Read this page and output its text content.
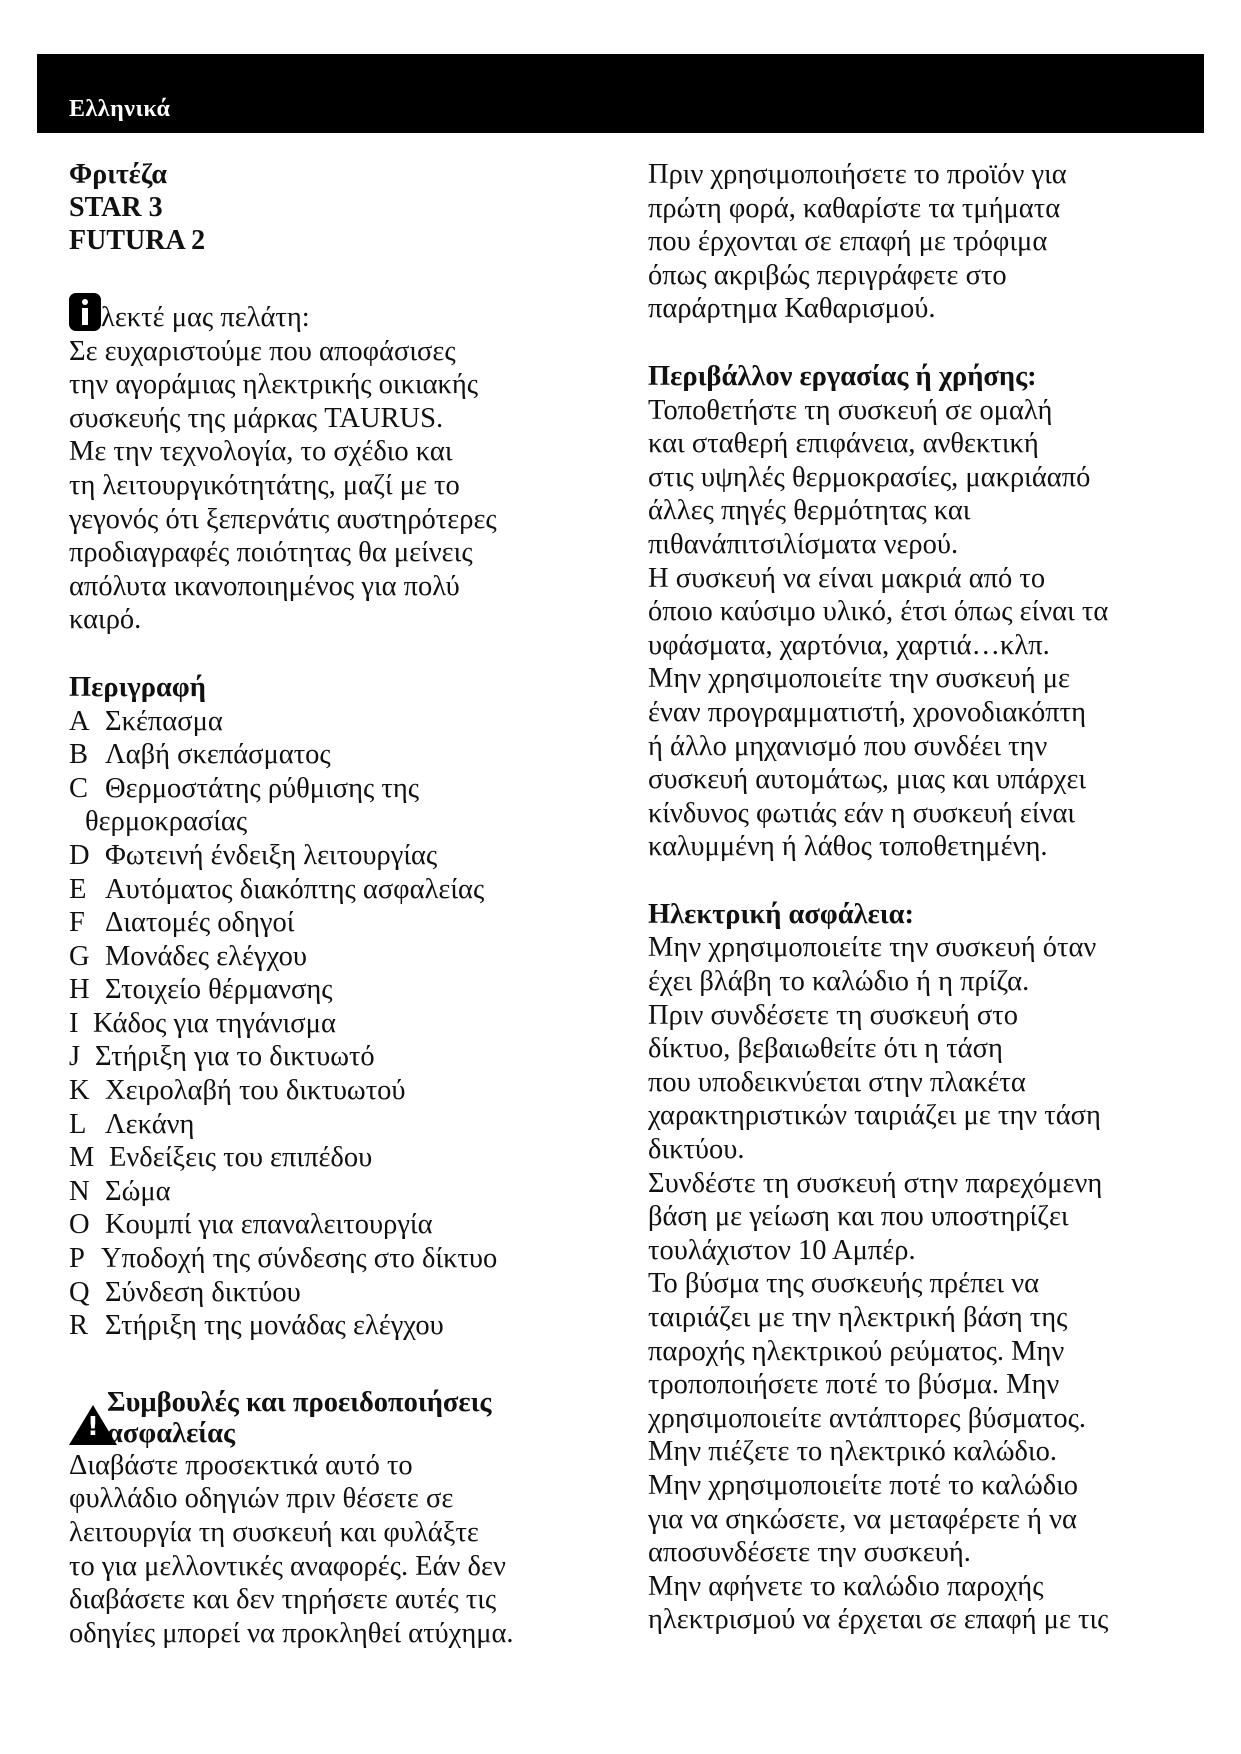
Ελληνικά
Φριτέζα
STAR 3
FUTURA 2
λεκτέ μας πελάτη:
Σε ευχαριστούμε που αποφάσισες
την αγοράμιας ηλεκτρικής οικιακής
συσκευής της μάρκας TAURUS.
Με την τεχνολογία, το σχέδιο και
τη λειτουργικότητάτης, μαζί με το
γεγονός ότι ξεπερνάτις αυστηρότερες
προδιαγραφές ποιότητας θα μείνεις
απόλυτα ικανοποιημένος για πολύ
καιρό.
Περιγραφή
A Σκέπασμα
B Λαβή σκεπάσματος
C Θερμοστάτης ρύθμισης της
θερμοκρασίας
D Φωτεινή ένδειξη λειτουργίας
E Αυτόματος διακόπτης ασφαλείας
F Διατομές οδηγοί
G Μονάδες ελέγχου
H Στοιχείο θέρμανσης
I Κάδος για τηγάνισμα
J Στήριξη για το δικτυωτό
K Χειρολαβή του δικτυωτού
L Λεκάνη
M Ενδείξεις του επιπέδου
N Σώμα
O Κουμπί για επαναλειτουργία
P Υποδοχή της σύνδεσης στο δίκτυο
Q Σύνδεση δικτύου
R Στήριξη της μονάδας ελέγχου
!
Συμβουλές και προειδοποιήσεις
ασφαλείας
Διαβάστε προσεκτικά αυτό το
φυλλάδιο οδηγιών πριν θέσετε σε
λειτουργία τη συσκευή και φυλάξτε
το για μελλοντικές αναφορές. Εάν δεν
διαβάσετε και δεν τηρήσετε αυτές τις
οδηγίες μπορεί να προκληθεί ατύχημα.
Πριν χρησιμοποιήσετε το προϊόν για
πρώτη φορά, καθαρίστε τα τμήματα
που έρχονται σε επαφή με τρόφιμα
όπως ακριβώς περιγράφετε στο
παράρτημα Καθαρισμού.
Περιβάλλον εργασίας ή χρήσης:
Τοποθετήστε τη συσκευή σε ομαλή
και σταθερή επιφάνεια, ανθεκτική
στις υψηλές θερμοκρασίες, μακριάαπό
άλλες πηγές θερμότητας και
πιθανάπιτσιλίσματα νερού.
Η συσκευή να είναι μακριά από το
όποιο καύσιμο υλικό, έτσι όπως είναι τα
υφάσματα, χαρτόνια, χαρτιά…κλπ.
Μην χρησιμοποιείτε την συσκευή με
έναν προγραμματιστή, χρονοδιακόπτη
ή άλλο μηχανισμό που συνδέει την
συσκευή αυτομάτως, μιας και υπάρχει
κίνδυνος φωτιάς εάν η συσκευή είναι
καλυμμένη ή λάθος τοποθετημένη.
Ηλεκτρική ασφάλεια:
Μην χρησιμοποιείτε την συσκευή όταν
έχει βλάβη το καλώδιο ή η πρίζα.
Πριν συνδέσετε τη συσκευή στο
δίκτυο, βεβαιωθείτε ότι η τάση
που υποδεικνύεται στην πλακέτα
χαρακτηριστικών ταιριάζει με την τάση
δικτύου.
Συνδέστε τη συσκευή στην παρεχόμενη
βάση με γείωση και που υποστηρίζει
τουλάχιστον 10 Αμπέρ.
Το βύσμα της συσκευής πρέπει να
ταιριάζει με την ηλεκτρική βάση της
παροχής ηλεκτρικού ρεύματος. Μην
τροποποιήσετε ποτέ το βύσμα. Μην
χρησιμοποιείτε αντάπτορες βύσματος.
Μην πιέζετε το ηλεκτρικό καλώδιο.
Μην χρησιμοποιείτε ποτέ το καλώδιο
για να σηκώσετε, να μεταφέρετε ή να
αποσυνδέσετε την συσκευή.
Μην αφήνετε το καλώδιο παροχής
ηλεκτρισμού να έρχεται σε επαφή με τις
